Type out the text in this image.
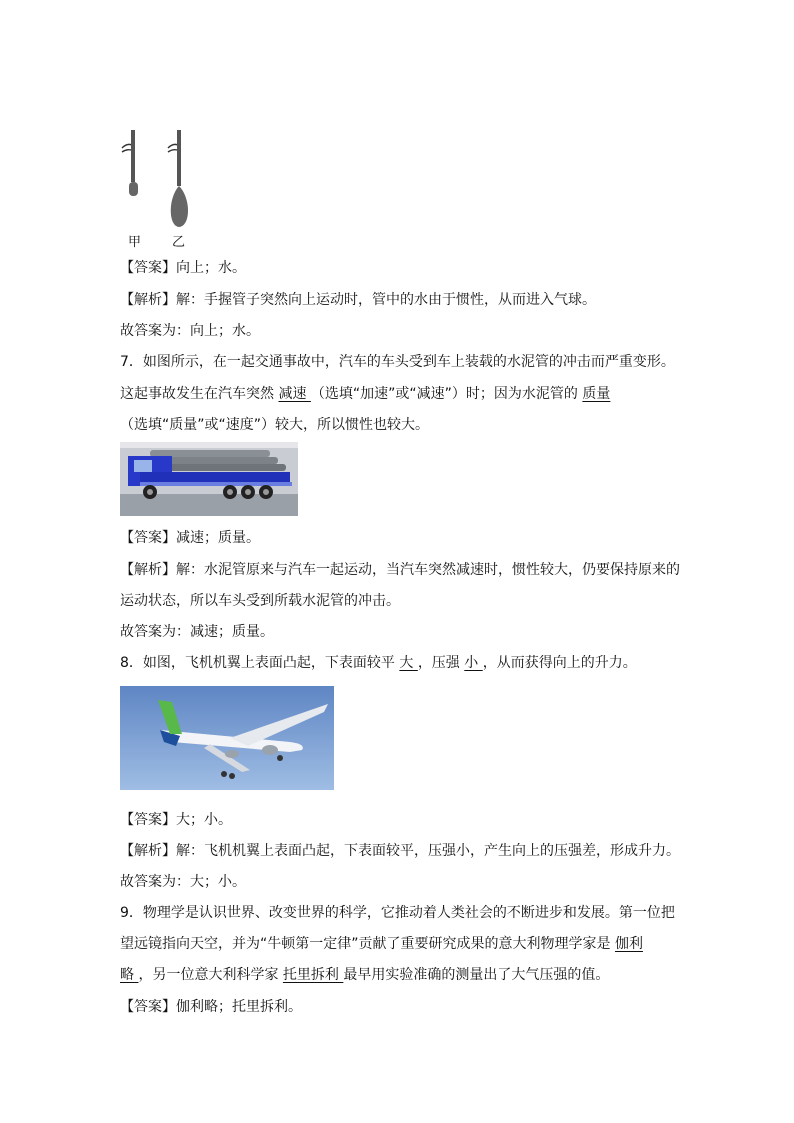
甲 乙
【答案】向上；水。
【解析】解：手握管子突然向上运动时，管中的水由于惯性，从而进入气球。
故答案为：向上；水。
7．如图所示，在一起交通事故中，汽车的车头受到车上装载的水泥管的冲击而严重变形。
这起事故发生在汽车突然 减速 （选填“加速”或“减速”）时；因为水泥管的 质量
（选填“质量”或“速度”）较大，所以惯性也较大。
【答案】减速；质量。
【解析】解：水泥管原来与汽车一起运动，当汽车突然减速时，惯性较大，仍要保持原来的
运动状态，所以车头受到所载水泥管的冲击。
故答案为：减速；质量。
8．如图，飞机机翼上表面凸起，下表面较平 大 ，压强 小 ，从而获得向上的升力。
【答案】大；小。
【解析】解：飞机机翼上表面凸起，下表面较平，压强小，产生向上的压强差，形成升力。
故答案为：大；小。
9．物理学是认识世界、改变世界的科学，它推动着人类社会的不断进步和发展。第一位把
望远镜指向天空，并为“牛顿第一定律”贡献了重要研究成果的意大利物理学家是 伽利
略 ，另一位意大利科学家 托里拆利 最早用实验准确的测量出了大气压强的值。
【答案】伽利略；托里拆利。
